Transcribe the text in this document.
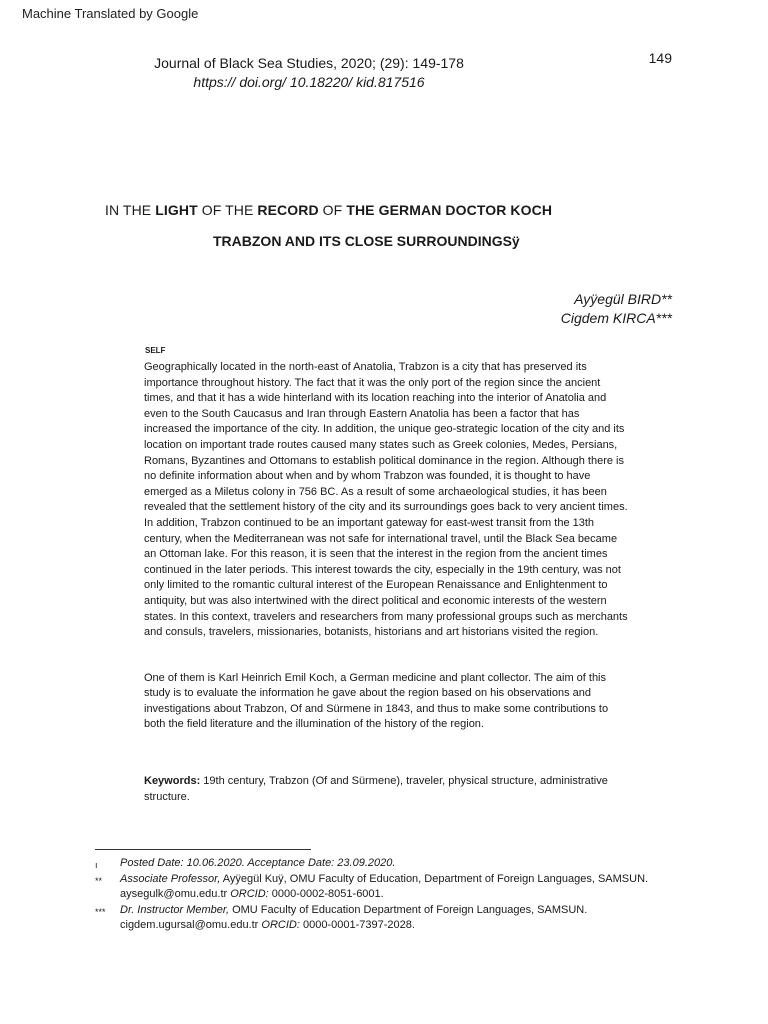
Machine Translated by Google
Journal of Black Sea Studies, 2020; (29): 149-178
https:// doi.org/ 10.18220/ kid.817516
149
IN THE LIGHT OF THE RECORD OF THE GERMAN DOCTOR KOCH
TRABZON AND ITS CLOSE SURROUNDINGSÿ
Ayÿegül BIRD**
Cigdem KIRCA***
SELF

Geographically located in the north-east of Anatolia, Trabzon is a city that has preserved its importance throughout history. The fact that it was the only port of the region since the ancient times, and that it has a wide hinterland with its location reaching into the interior of Anatolia and even to the South Caucasus and Iran through Eastern Anatolia has been a factor that has increased the importance of the city. In addition, the unique geo-strategic location of the city and its location on important trade routes caused many states such as Greek colonies, Medes, Persians, Romans, Byzantines and Ottomans to establish political dominance in the region. Although there is no definite information about when and by whom Trabzon was founded, it is thought to have emerged as a Miletus colony in 756 BC. As a result of some archaeological studies, it has been revealed that the settlement history of the city and its surroundings goes back to very ancient times. In addition, Trabzon continued to be an important gateway for east-west transit from the 13th century, when the Mediterranean was not safe for international travel, until the Black Sea became an Ottoman lake. For this reason, it is seen that the interest in the region from the ancient times continued in the later periods. This interest towards the city, especially in the 19th century, was not only limited to the romantic cultural interest of the European Renaissance and Enlightenment to antiquity, but was also intertwined with the direct political and economic interests of the western states. In this context, travelers and researchers from many professional groups such as merchants and consuls, travelers, missionaries, botanists, historians and art historians visited the region.

One of them is Karl Heinrich Emil Koch, a German medicine and plant collector. The aim of this study is to evaluate the information he gave about the region based on his observations and investigations about Trabzon, Of and Sürmene in 1843, and thus to make some contributions to both the field literature and the illumination of the history of the region.

Keywords: 19th century, Trabzon (Of and Sürmene), traveler, physical structure, administrative structure.
ı	Posted Date: 10.06.2020. Acceptance Date: 23.09.2020.
**	Associate Professor, Ayÿegül Kuÿ, OMU Faculty of Education, Department of Foreign Languages, SAMSUN.
aysegulk@omu.edu.tr ORCID: 0000-0002-8051-6001.
***	Dr. Instructor Member, OMU Faculty of Education Department of Foreign Languages, SAMSUN.
cigdem.ugursal@omu.edu.tr ORCID: 0000-0001-7397-2028.
